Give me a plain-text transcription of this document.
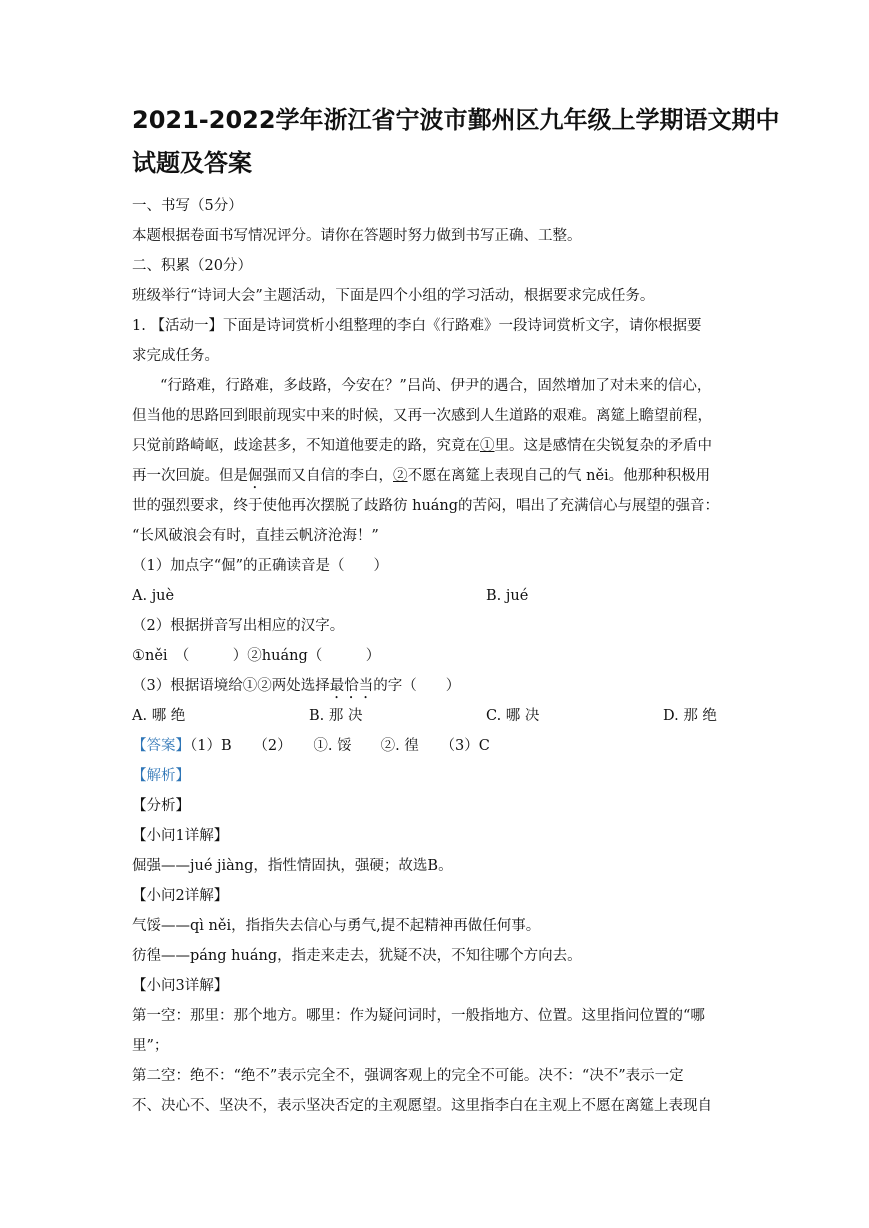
2021-2022学年浙江省宁波市鄞州区九年级上学期语文期中
试题及答案
一、书写（5分）
本题根据卷面书写情况评分。请你在答题时努力做到书写正确、工整。
二、积累（20分）
班级举行“诗词大会”主题活动，下面是四个小组的学习活动，根据要求完成任务。
1. 【活动一】下面是诗词赏析小组整理的李白《行路难》一段诗词赏析文字，请你根据要
求完成任务。
“行路难，行路难，多歧路，今安在？”吕尚、伊尹的遇合，固然增加了对未来的信心，
但当他的思路回到眼前现实中来的时候，又再一次感到人生道路的艰难。离筵上瞻望前程，
只觉前路崎岖，歧途甚多，不知道他要走的路，究竟在①里。这是感情在尖锐复杂的矛盾中
再一次回旋。但是倔强而又自信的李白，②不愿在离筵上表现自己的气 něi。他那种积极用
世的强烈要求，终于使他再次摆脱了歧路彷 huáng的苦闷，唱出了充满信心与展望的强音：
“长风破浪会有时，直挂云帆济沧海！”
（1）加点字“倔”的正确读音是（　　）
A. juè	B. jué
（2）根据拼音写出相应的汉字。
①něi　（　　　）②huáng（　　　）
（3）根据语境给①②两处选择最恰当的字（　　）
A. 哪 绝	B. 那 决	C. 哪 决	D. 那 绝
【答案】（1）B　　（2）　　①. 馁　　②. 徨　　（3）C
【解析】
【分析】
【小问1详解】
倔强——jué jiàng，指性情固执，强硬；故选B。
【小问2详解】
气馁——qì něi，指指失去信心与勇气,提不起精神再做任何事。
彷徨——páng huáng，指走来走去，犹疑不决，不知往哪个方向去。
【小问3详解】
第一空：那里：那个地方。哪里：作为疑问词时，一般指地方、位置。这里指问位置的“哪
里”；
第二空：绝不：“绝不”表示完全不，强调客观上的完全不可能。决不：“决不”表示一定
不、决心不、坚决不，表示坚决否定的主观愿望。这里指李白在主观上不愿在离筵上表现自
